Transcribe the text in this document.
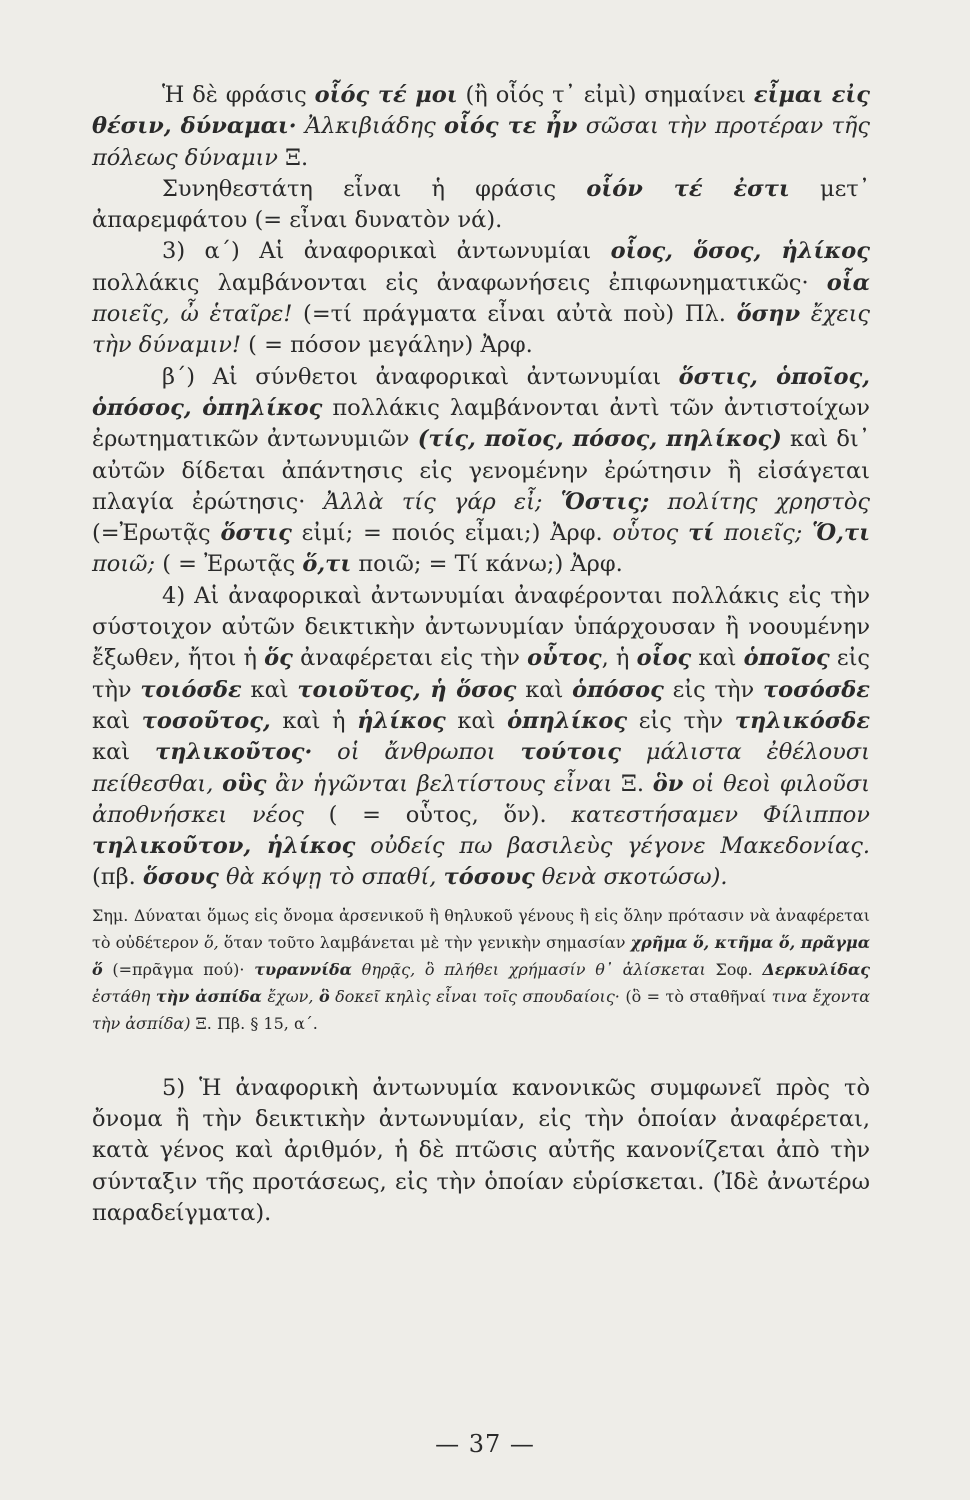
Ἡ δὲ φράσις οἷός τέ μοι (ἢ οἷός τ᾽ εἰμὶ) σημαίνει εἶμαι εἰς θέσιν, δύναμαι· Ἀλκιβιάδης οἷός τε ἦν σῶσαι τὴν προτέραν τῆς πόλεως δύναμιν Ξ.

Συνηθεστάτη εἶναι ἡ φράσις οἷόν τέ ἐστι μετ᾽ ἀπαρεμφάτου (= εἶναι δυνατὸν νά).

3) α΄) Αἱ ἀναφορικαὶ ἀντωνυμίαι οἷος, ὅσος, ἡλίκος πολλάκις λαμβάνονται εἰς ἀναφωνήσεις ἐπιφωνηματικῶς· οἷα ποιεῖς, ὦ ἑταῖρε! (=τί πράγματα εἶναι αὐτὰ ποὺ) Πλ. ὅσην ἔχεις τὴν δύναμιν! ( = πόσον μεγάλην) Ἀρφ.

β΄) Αἱ σύνθετοι ἀναφορικαὶ ἀντωνυμίαι ὅστις, ὁποῖος, ὁπόσος, ὁπηλίκος πολλάκις λαμβάνονται ἀντὶ τῶν ἀντιστοίχων ἐρωτηματικῶν ἀντωνυμιῶν (τίς, ποῖος, πόσος, πηλίκος) καὶ δι᾽ αὐτῶν δίδεται ἀπάντησις εἰς γενομένην ἐρώτησιν ἢ εἰσάγεται πλαγία ἐρώτησις· Ἀλλὰ τίς γάρ εἶ; Ὅστις; πολίτης χρηστὸς (=Ἐρωτᾷς ὅστις εἰμί; = ποιός εἶμαι;) Ἀρφ. οὗτος τί ποιεῖς; Ὅ,τι ποιῶ; ( = Ἐρωτᾷς ὅ,τι ποιῶ; = Τί κάνω;) Ἀρφ.

4) Αἱ ἀναφορικαὶ ἀντωνυμίαι ἀναφέρονται πολλάκις εἰς τὴν σύστοιχον αὐτῶν δεικτικὴν ἀντωνυμίαν ὑπάρχουσαν ἢ νοουμένην ἔξωθεν, ἤτοι ἡ ὅς ἀναφέρεται εἰς τὴν οὗτος, ἡ οἷος καὶ ὁποῖος εἰς τὴν τοιόσδε καὶ τοιοῦτος, ἡ ὅσος καὶ ὁπόσος εἰς τὴν τοσόσδε καὶ τοσοῦτος, καὶ ἡ ἡλίκος καὶ ὁπηλίκος εἰς τὴν τηλικόσδε καὶ τηλικοῦτος· οἱ ἄνθρωποι τούτοις μάλιστα ἐθέλουσι πείθεσθαι, οὓς ἂν ἡγῶνται βελτίστους εἶναι Ξ. ὃν οἱ θεοὶ φιλοῦσι ἀποθνήσκει νέος ( = οὗτος, ὅν). κατεστήσαμεν Φίλιππον τηλικοῦτον, ἡλίκος οὐδείς πω βασιλεὺς γέγονε Μακεδονίας. (πβ. ὅσους θὰ κόψῃ τὸ σπαθί, τόσους θενὰ σκοτώσω).

Σημ. Δύναται ὅμως εἰς ὄνομα ἀρσενικοῦ ἢ θηλυκοῦ γένους ἢ εἰς ὅλην πρότασιν νὰ ἀναφέρεται τὸ οὐδέτερον ὅ, ὅταν τοῦτο λαμβάνεται μὲ τὴν γενικὴν σημασίαν χρῆμα ὅ, κτῆμα ὅ, πρᾶγμα ὅ (=πρᾶγμα πού)· τυραννίδα θηρᾷς, ὃ πλήθει χρήμασίν θ᾽ ἁλίσκεται Σοφ. Δερκυλίδας ἐστάθη τὴν ἀσπίδα ἔχων, ὃ δοκεῖ κηλὶς εἶναι τοῖς σπουδαίοις· (ὃ = τὸ σταθῆναί τινα ἔχοντα τὴν ἀσπίδα) Ξ. Πβ. § 15, α΄.

5) Ἡ ἀναφορικὴ ἀντωνυμία κανονικῶς συμφωνεῖ πρὸς τὸ ὄνομα ἢ τὴν δεικτικὴν ἀντωνυμίαν, εἰς τὴν ὁποίαν ἀναφέρεται, κατὰ γένος καὶ ἀριθμόν, ἡ δὲ πτῶσις αὐτῆς κανονίζεται ἀπὸ τὴν σύνταξιν τῆς προτάσεως, εἰς τὴν ὁποίαν εὑρίσκεται. (Ἰδὲ ἀνωτέρω παραδείγματα).

— 37 —
